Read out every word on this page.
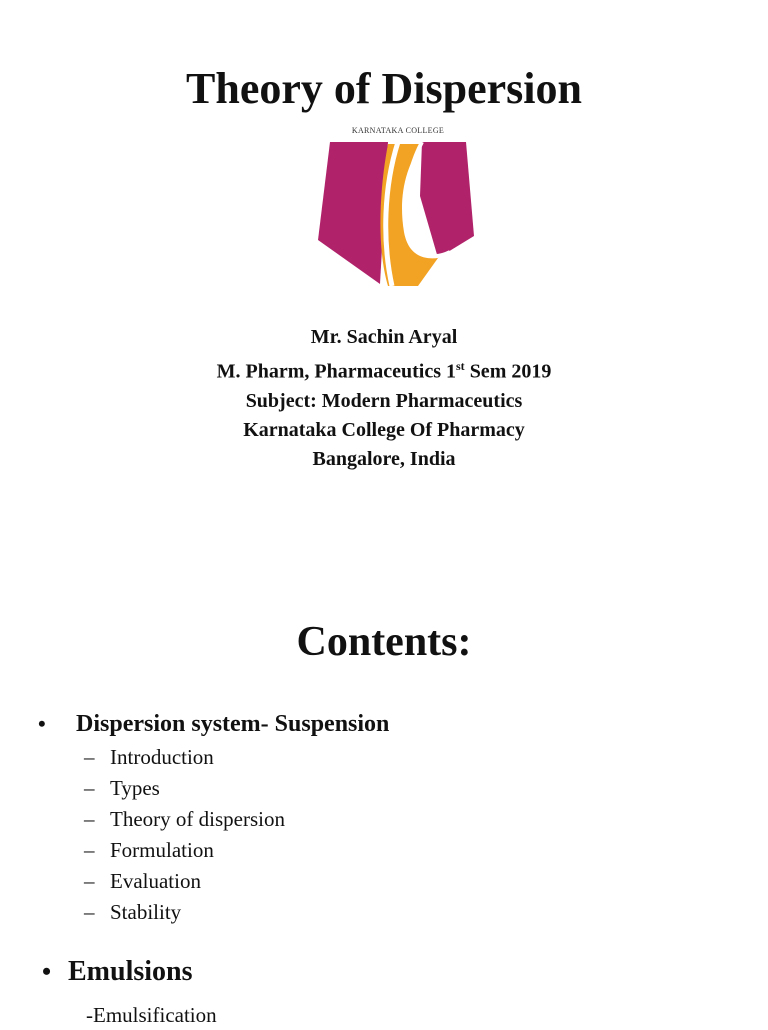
Theory of Dispersion
KARNATAKA COLLEGE
Mr. Sachin Aryal
M. Pharm, Pharmaceutics 1st Sem 2019
Subject: Modern Pharmaceutics
Karnataka College Of Pharmacy
Bangalore, India
Contents:
•	Dispersion system- Suspension
– Introduction
– Types
– Theory of dispersion
– Formulation
– Evaluation
– Stability
• Emulsions
-Emulsification
